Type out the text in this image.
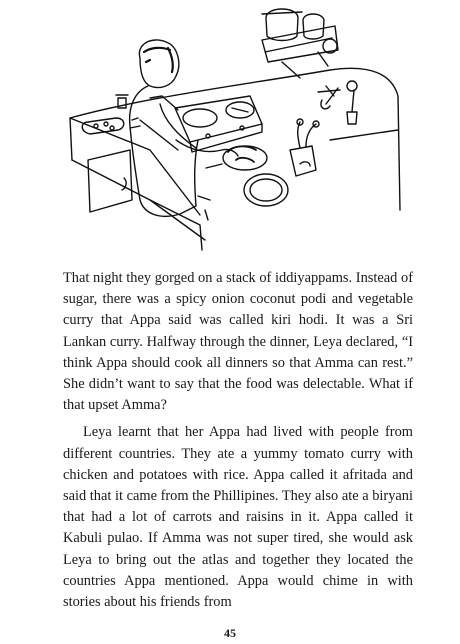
That night they gorged on a stack of iddiyappams. Instead of sugar, there was a spicy onion coconut podi and vegetable curry that Appa said was called kiri hodi. It was a Sri Lankan curry. Halfway through the dinner, Leya declared, “I think Appa should cook all dinners so that Amma can rest.” She didn’t want to say that the food was delectable. What if that upset Amma?

Leya learnt that her Appa had lived with people from different countries. They ate a yummy tomato curry with chicken and potatoes with rice. Appa called it afritada and said that it came from the Phillipines. They also ate a biryani that had a lot of carrots and raisins in it. Appa called it Kabuli pulao. If Amma was not super tired, she would ask Leya to bring out the atlas and together they located the countries Appa mentioned. Appa would chime in with stories about his friends from

45
